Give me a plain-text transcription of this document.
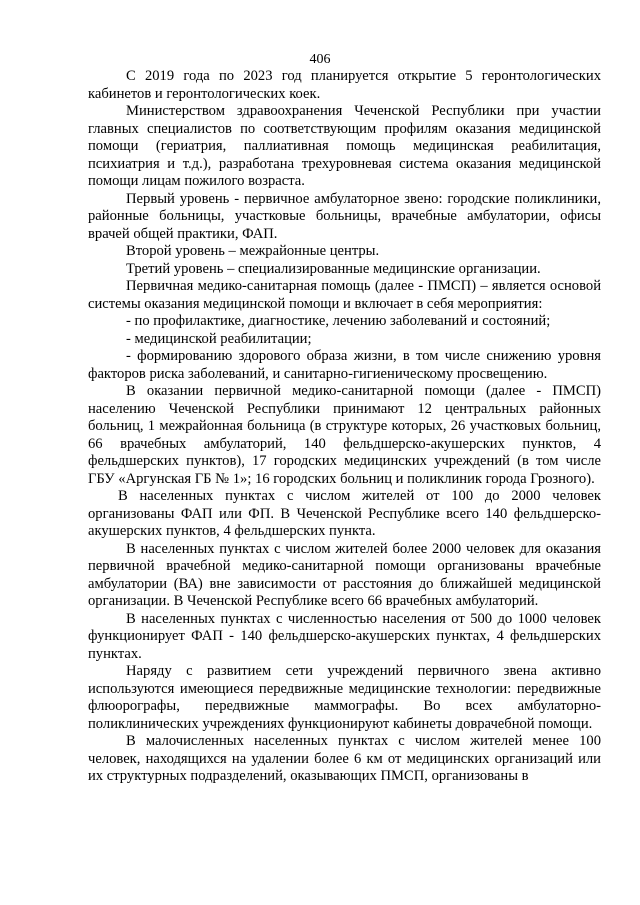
406

С 2019 года по 2023 год планируется открытие 5 геронтологических кабинетов и геронтологических коек.

Министерством здравоохранения Чеченской Республики при участии главных специалистов по соответствующим профилям оказания медицинской помощи (гериатрия, паллиативная помощь медицинская реабилитация, психиатрия и т.д.), разработана трехуровневая система оказания медицинской помощи лицам пожилого возраста.

Первый уровень - первичное амбулаторное звено: городские поликлиники, районные больницы, участковые больницы, врачебные амбулатории, офисы врачей общей практики, ФАП.

Второй уровень – межрайонные центры.

Третий уровень – специализированные медицинские организации.

Первичная медико-санитарная помощь (далее - ПМСП) – является основой системы оказания медицинской помощи и включает в себя мероприятия:

- по профилактике, диагностике, лечению заболеваний и состояний;

- медицинской реабилитации;

- формированию здорового образа жизни, в том числе снижению уровня факторов риска заболеваний, и санитарно-гигиеническому просвещению.

В оказании первичной медико-санитарной помощи (далее - ПМСП) населению Чеченской Республики принимают 12 центральных районных больниц, 1 межрайонная больница (в структуре которых, 26 участковых больниц, 66 врачебных амбулаторий, 140 фельдшерско-акушерских пунктов, 4 фельдшерских пунктов), 17 городских медицинских учреждений (в том числе ГБУ «Аргунская ГБ № 1»; 16 городских больниц и поликлиник города Грозного).

В населенных пунктах с числом жителей от 100 до 2000 человек организованы ФАП или ФП. В Чеченской Республике всего 140 фельдшерско-акушерских пунктов, 4 фельдшерских пункта.

В населенных пунктах с числом жителей более 2000 человек для оказания первичной врачебной медико-санитарной помощи организованы врачебные амбулатории (ВА) вне зависимости от расстояния до ближайшей медицинской организации. В Чеченской Республике всего 66 врачебных амбулаторий.

В населенных пунктах с численностью населения от 500 до 1000 человек функционирует ФАП - 140 фельдшерско-акушерских пунктах, 4 фельдшерских пунктах.

Наряду с развитием сети учреждений первичного звена активно используются имеющиеся передвижные медицинские технологии: передвижные флюорографы, передвижные маммографы. Во всех амбулаторно-поликлинических учреждениях функционируют кабинеты доврачебной помощи.

В малочисленных населенных пунктах с числом жителей менее 100 человек, находящихся на удалении более 6 км от медицинских организаций или их структурных подразделений, оказывающих ПМСП, организованы в
